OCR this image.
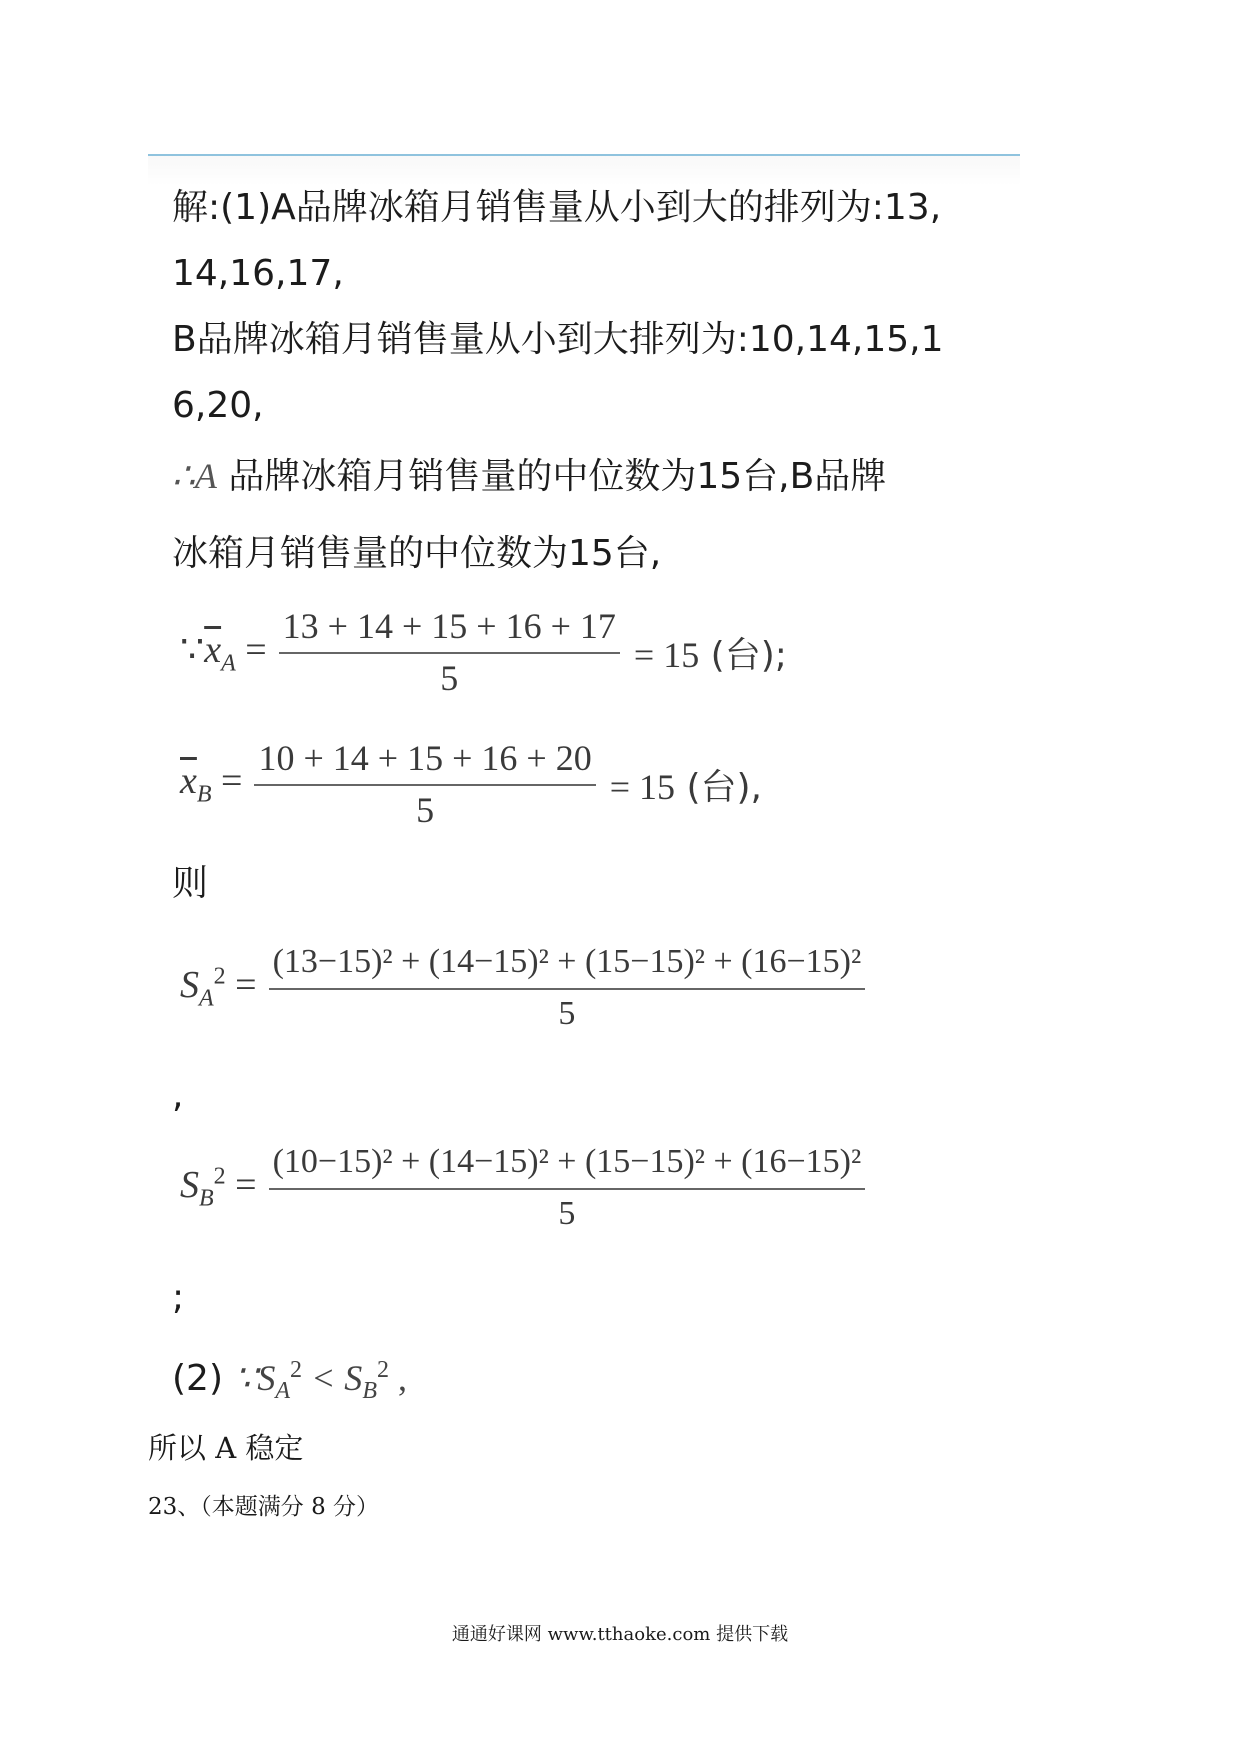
解:(1)A品牌冰箱月销售量从小到大的排列为:13,
14,16,17,
B品牌冰箱月销售量从小到大排列为:10,14,15,1
6,20,
∴A 品牌冰箱月销售量的中位数为15台,B品牌
冰箱月销售量的中位数为15台,
$\because\overline{x}_A = \frac{13 + 14 + 15 + 16 + 17}{5} = 15$ (台);
$\overline{x}_B = \frac{10 + 14 + 15 + 16 + 20}{5} = 15$ (台),
则
$S_A^2 = \frac{\text{(13−15)² + (14−15)² + (15−15)² + (16−15)²}}{5}$
,
$S_B^2 = \frac{\text{(10−15)² + (14−15)² + (15−15)² + (16−15)²}}{5}$
;
(2) $\because S_A^2 < S_B^2$ ,
所以 A 稳定
23、（本题满分 8 分）
通通好课网 www.tthaoke.com 提供下载
